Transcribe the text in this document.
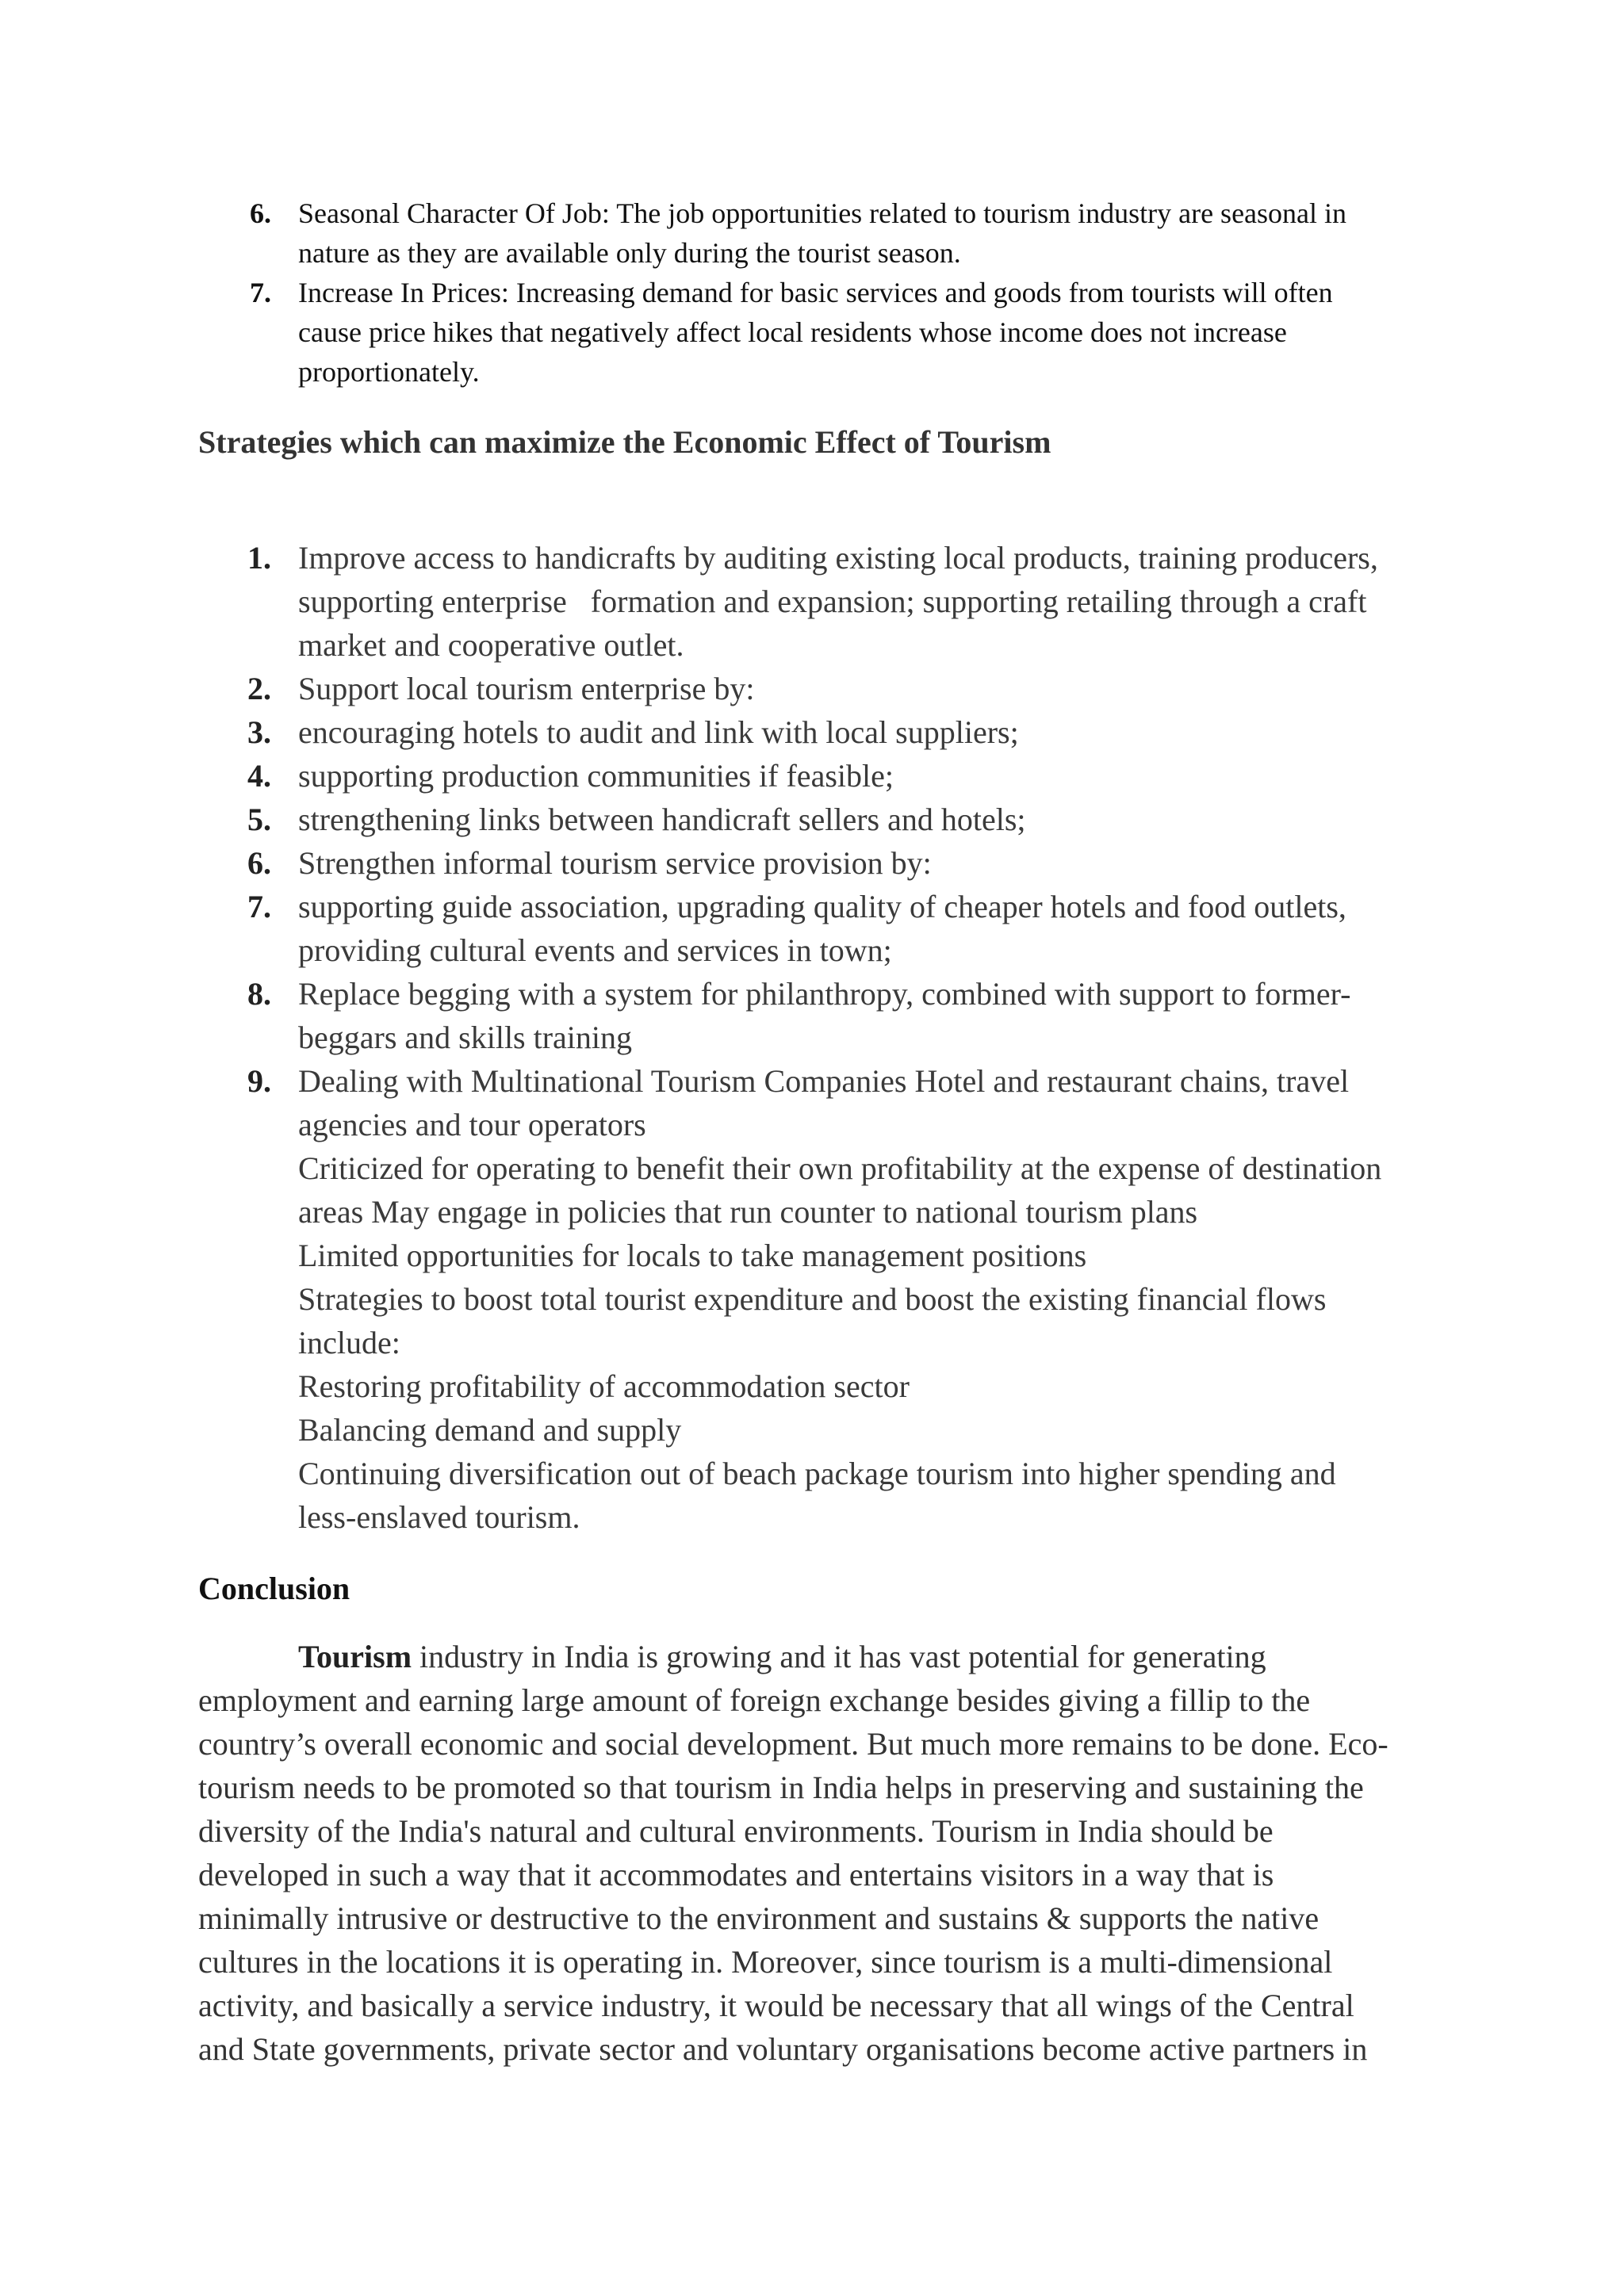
6. Seasonal Character Of Job: The job opportunities related to tourism industry are seasonal in
nature as they are available only during the tourist season.
7. Increase In Prices: Increasing demand for basic services and goods from tourists will often
cause price hikes that negatively affect local residents whose income does not increase
proportionately.
Strategies which can maximize the Economic Effect of Tourism
1. Improve access to handicrafts by auditing existing local products, training producers,
supporting enterprise   formation and expansion; supporting retailing through a craft
market and cooperative outlet.
2. Support local tourism enterprise by:
3. encouraging hotels to audit and link with local suppliers;
4. supporting production communities if feasible;
5. strengthening links between handicraft sellers and hotels;
6. Strengthen informal tourism service provision by:
7. supporting guide association, upgrading quality of cheaper hotels and food outlets,
providing cultural events and services in town;
8. Replace begging with a system for philanthropy, combined with support to former-
beggars and skills training
9. Dealing with Multinational Tourism Companies Hotel and restaurant chains, travel
agencies and tour operators
Criticized for operating to benefit their own profitability at the expense of destination
areas May engage in policies that run counter to national tourism plans
Limited opportunities for locals to take management positions
Strategies to boost total tourist expenditure and boost the existing financial flows
include:
Restoring profitability of accommodation sector
Balancing demand and supply
Continuing diversification out of beach package tourism into higher spending and
less-enslaved tourism.
Conclusion
Tourism industry in India is growing and it has vast potential for generating
employment and earning large amount of foreign exchange besides giving a fillip to the
country’s overall economic and social development. But much more remains to be done. Eco-
tourism needs to be promoted so that tourism in India helps in preserving and sustaining the
diversity of the India's natural and cultural environments. Tourism in India should be
developed in such a way that it accommodates and entertains visitors in a way that is
minimally intrusive or destructive to the environment and sustains & supports the native
cultures in the locations it is operating in. Moreover, since tourism is a multi-dimensional
activity, and basically a service industry, it would be necessary that all wings of the Central
and State governments, private sector and voluntary organisations become active partners in
